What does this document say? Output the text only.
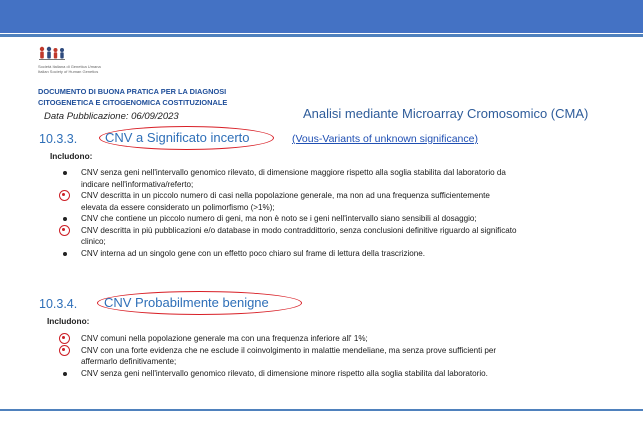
Società Italiana di Genetica Umana
Italian Society of Human Genetics
DOCUMENTO DI BUONA PRATICA PER LA DIAGNOSI
CITOGENETICA E CITOGENOMICA COSTITUZIONALE
Data Pubblicazione: 06/09/2023	Analisi mediante Microarray Cromosomico (CMA)
(Vous-Variants of unknown significance)
10.3.3. CNV a Significato incerto
Includono:
CNV senza geni nell'intervallo genomico rilevato, di dimensione maggiore rispetto alla soglia stabilita dal laboratorio da indicare nell'informativa/referto;
CNV descritta in un piccolo numero di casi nella popolazione generale, ma non ad una frequenza sufficientemente elevata da essere considerato un polimorfismo (>1%);
CNV che contiene un piccolo numero di geni, ma non è noto se i geni nell'intervallo siano sensibili al dosaggio;
CNV descritta in più pubblicazioni e/o database in modo contraddittorio, senza conclusioni definitive riguardo al significato clinico;
CNV interna ad un singolo gene con un effetto poco chiaro sul frame di lettura della trascrizione.
10.3.4. CNV Probabilmente benigne
Includono:
CNV comuni nella popolazione generale ma con una frequenza inferiore all' 1%;
CNV con una forte evidenza che ne esclude il coinvolgimento in malattie mendeliane, ma senza prove sufficienti per affermarlo definitivamente;
CNV senza geni nell'intervallo genomico rilevato, di dimensione minore rispetto alla soglia stabilita dal laboratorio.
